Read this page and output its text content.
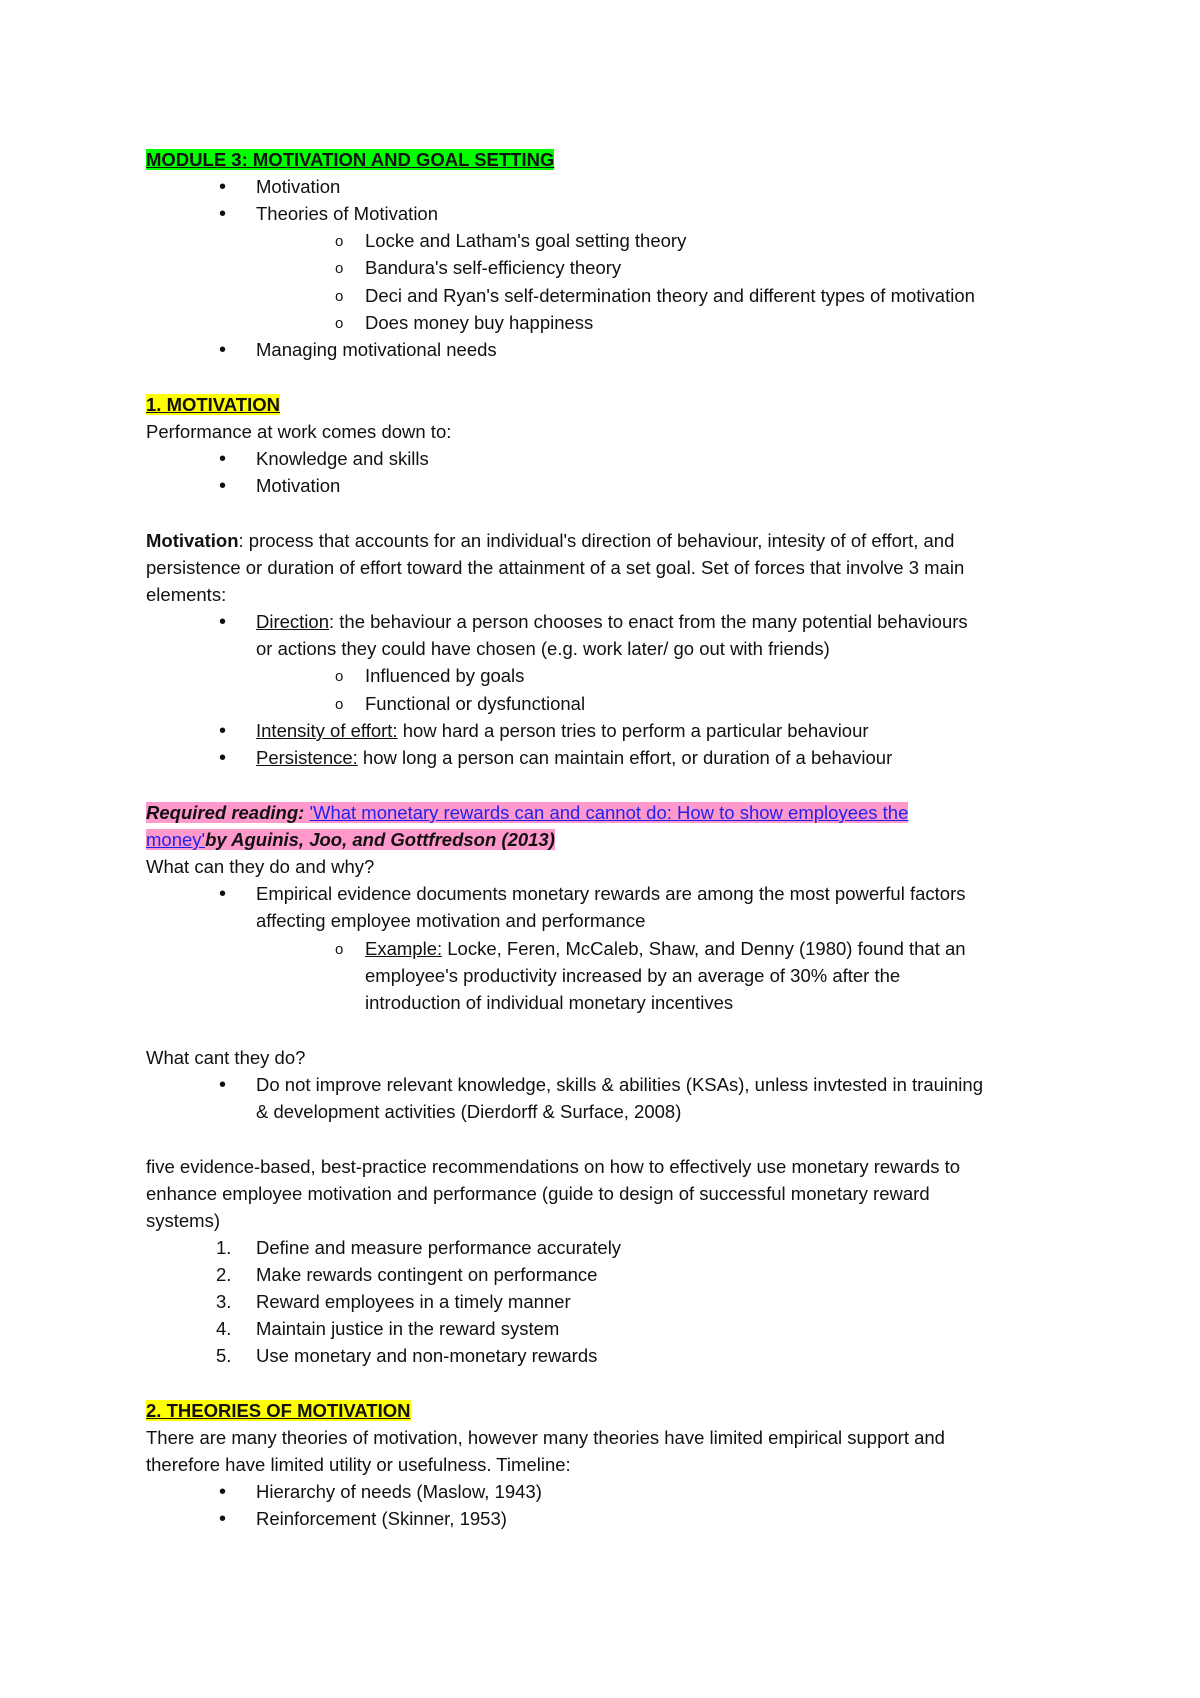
MODULE 3: MOTIVATION AND GOAL SETTING
• Motivation
• Theories of Motivation
o Locke and Latham's goal setting theory
o Bandura's self-efficiency theory
o Deci and Ryan's self-determination theory and different types of motivation
o Does money buy happiness
• Managing motivational needs
1. MOTIVATION
Performance at work comes down to:
• Knowledge and skills
• Motivation
Motivation: process that accounts for an individual's direction of behaviour, intesity of of effort, and
persistence or duration of effort toward the attainment of a set goal. Set of forces that involve 3 main
elements:
• Direction: the behaviour a person chooses to enact from the many potential behaviours
or actions they could have chosen (e.g. work later/ go out with friends)
o Influenced by goals
o Functional or dysfunctional
• Intensity of effort: how hard a person tries to perform a particular behaviour
• Persistence: how long a person can maintain effort, or duration of a behaviour
Required reading: 'What monetary rewards can and cannot do: How to show employees the
money'by Aguinis, Joo, and Gottfredson (2013)
What can they do and why?
• Empirical evidence documents monetary rewards are among the most powerful factors
affecting employee motivation and performance
o Example: Locke, Feren, McCaleb, Shaw, and Denny (1980) found that an
employee's productivity increased by an average of 30% after the
introduction of individual monetary incentives
What cant they do?
• Do not improve relevant knowledge, skills & abilities (KSAs), unless invtested in trauining
& development activities (Dierdorff & Surface, 2008)
five evidence-based, best-practice recommendations on how to effectively use monetary rewards to
enhance employee motivation and performance (guide to design of successful monetary reward
systems)
1. Define and measure performance accurately
2. Make rewards contingent on performance
3. Reward employees in a timely manner
4. Maintain justice in the reward system
5. Use monetary and non-monetary rewards
2. THEORIES OF MOTIVATION
There are many theories of motivation, however many theories have limited empirical support and
therefore have limited utility or usefulness. Timeline:
• Hierarchy of needs (Maslow, 1943)
• Reinforcement (Skinner, 1953)
